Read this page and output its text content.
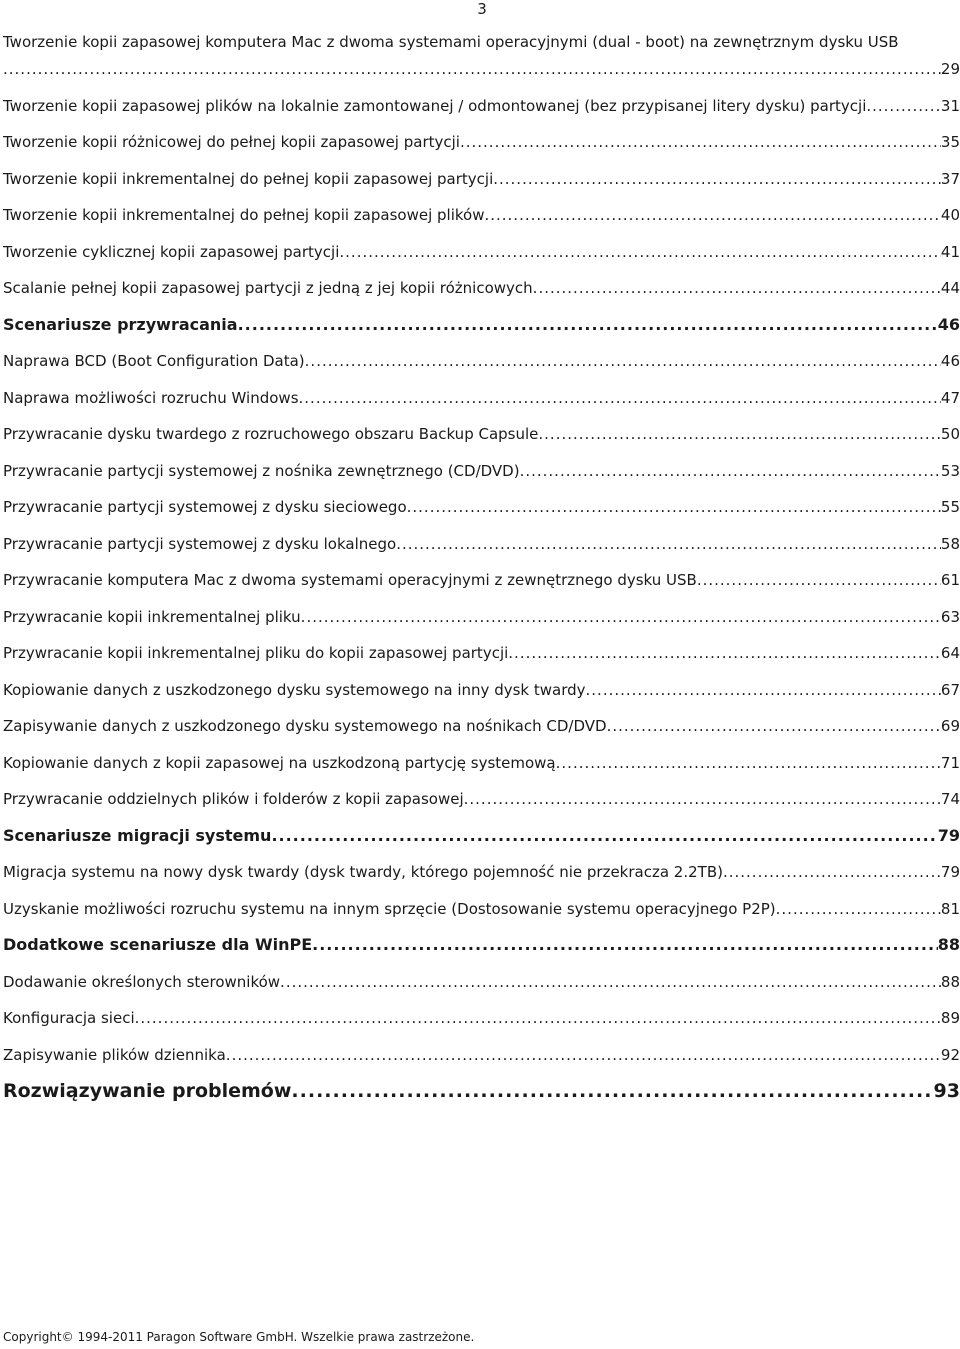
3
Tworzenie kopii zapasowej komputera Mac z dwoma systemami operacyjnymi (dual - boot) na zewnętrznym dysku USB
.....
29
Tworzenie kopii zapasowej plików na lokalnie zamontowanej / odmontowanej (bez przypisanej litery dysku) partycji .....	31
Tworzenie kopii różnicowej do pełnej kopii zapasowej partycji .....	35
Tworzenie kopii inkrementalnej do pełnej kopii zapasowej partycji .....	37
Tworzenie kopii inkrementalnej do pełnej kopii zapasowej plików .....	40
Tworzenie cyklicznej kopii zapasowej partycji .....	41
Scalanie pełnej kopii zapasowej partycji z jedną z jej kopii różnicowych .....	44
Scenariusze przywracania .....	46
Naprawa BCD (Boot Configuration Data) .....	46
Naprawa możliwości rozruchu Windows .....	47
Przywracanie dysku twardego z rozruchowego obszaru Backup Capsule .....	50
Przywracanie partycji systemowej z nośnika zewnętrznego (CD/DVD) .....	53
Przywracanie partycji systemowej z dysku sieciowego .....	55
Przywracanie partycji systemowej z dysku lokalnego .....	58
Przywracanie komputera Mac z dwoma systemami operacyjnymi z zewnętrznego dysku USB .....	61
Przywracanie kopii inkrementalnej pliku .....	63
Przywracanie kopii inkrementalnej pliku do kopii zapasowej partycji .....	64
Kopiowanie danych z uszkodzonego dysku systemowego na inny dysk twardy .....	67
Zapisywanie danych z uszkodzonego dysku systemowego na nośnikach CD/DVD .....	69
Kopiowanie danych z kopii zapasowej na uszkodzoną partycję systemową .....	71
Przywracanie oddzielnych plików i folderów z kopii zapasowej .....	74
Scenariusze migracji systemu .....	79
Migracja systemu na nowy dysk twardy (dysk twardy, którego pojemność nie przekracza 2.2TB) .....	79
Uzyskanie możliwości rozruchu systemu na innym sprzęcie (Dostosowanie systemu operacyjnego P2P) .....	81
Dodatkowe scenariusze dla WinPE .....	88
Dodawanie określonych sterowników .....	88
Konfiguracja sieci .....	89
Zapisywanie plików dziennika .....	92
Rozwiązywanie problemów .....	93
Copyright© 1994-2011 Paragon Software GmbH. Wszelkie prawa zastrzeżone.
